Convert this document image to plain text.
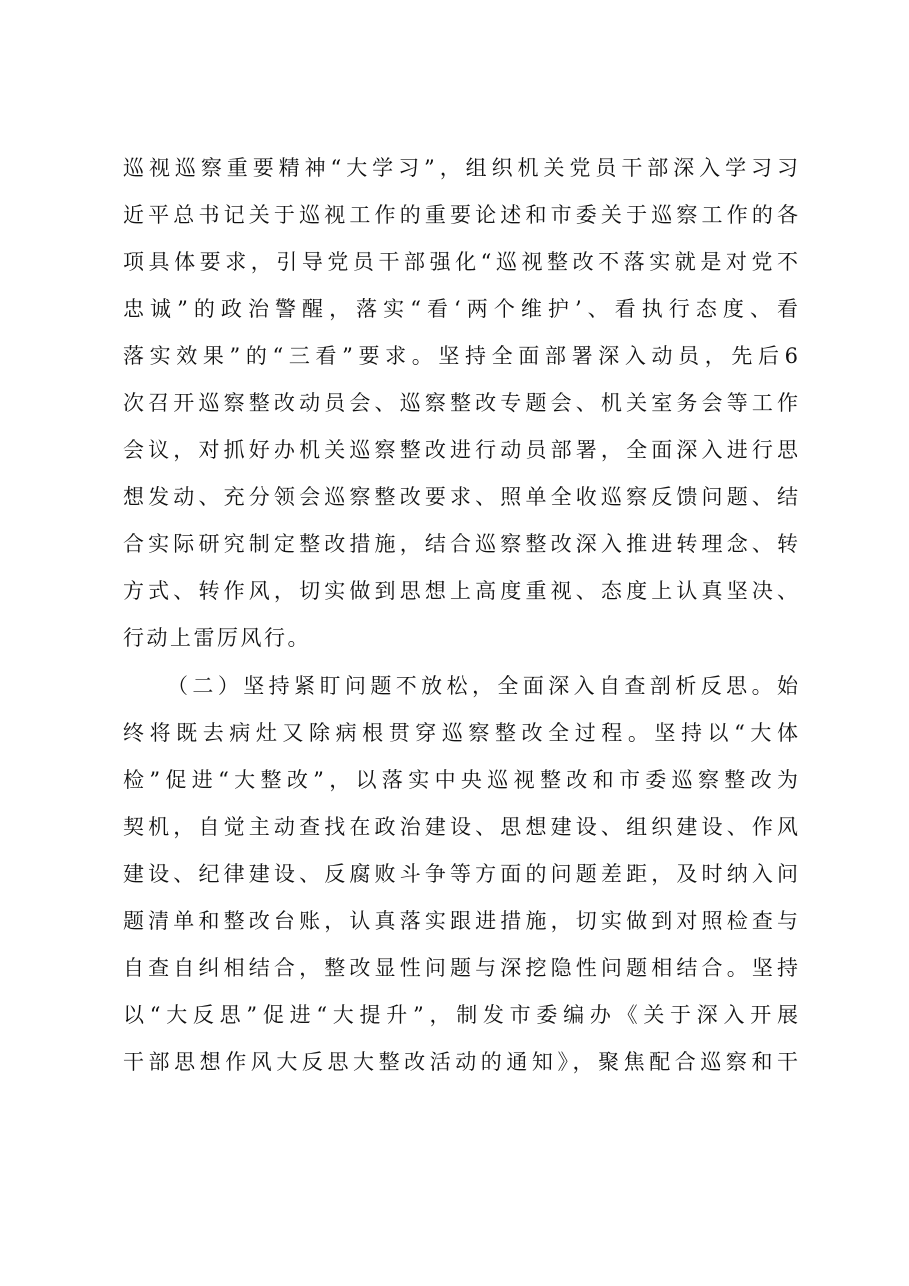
巡视巡察重要精神“大学习”，组织机关党员干部深入学习习
近平总书记关于巡视工作的重要论述和市委关于巡察工作的各
项具体要求，引导党员干部强化“巡视整改不落实就是对党不
忠诚”的政治警醒，落实“看‘两个维护’、看执行态度、看
落实效果”的“三看”要求。坚持全面部署深入动员，先后6
次召开巡察整改动员会、巡察整改专题会、机关室务会等工作
会议，对抓好办机关巡察整改进行动员部署，全面深入进行思
想发动、充分领会巡察整改要求、照单全收巡察反馈问题、结
合实际研究制定整改措施，结合巡察整改深入推进转理念、转
方式、转作风，切实做到思想上高度重视、态度上认真坚决、
行动上雷厉风行。
（二）坚持紧盯问题不放松，全面深入自查剖析反思。始
终将既去病灶又除病根贯穿巡察整改全过程。坚持以“大体
检”促进“大整改”，以落实中央巡视整改和市委巡察整改为
契机，自觉主动查找在政治建设、思想建设、组织建设、作风
建设、纪律建设、反腐败斗争等方面的问题差距，及时纳入问
题清单和整改台账，认真落实跟进措施，切实做到对照检查与
自查自纠相结合，整改显性问题与深挖隐性问题相结合。坚持
以“大反思”促进“大提升”，制发市委编办《关于深入开展
干部思想作风大反思大整改活动的通知》，聚焦配合巡察和干
